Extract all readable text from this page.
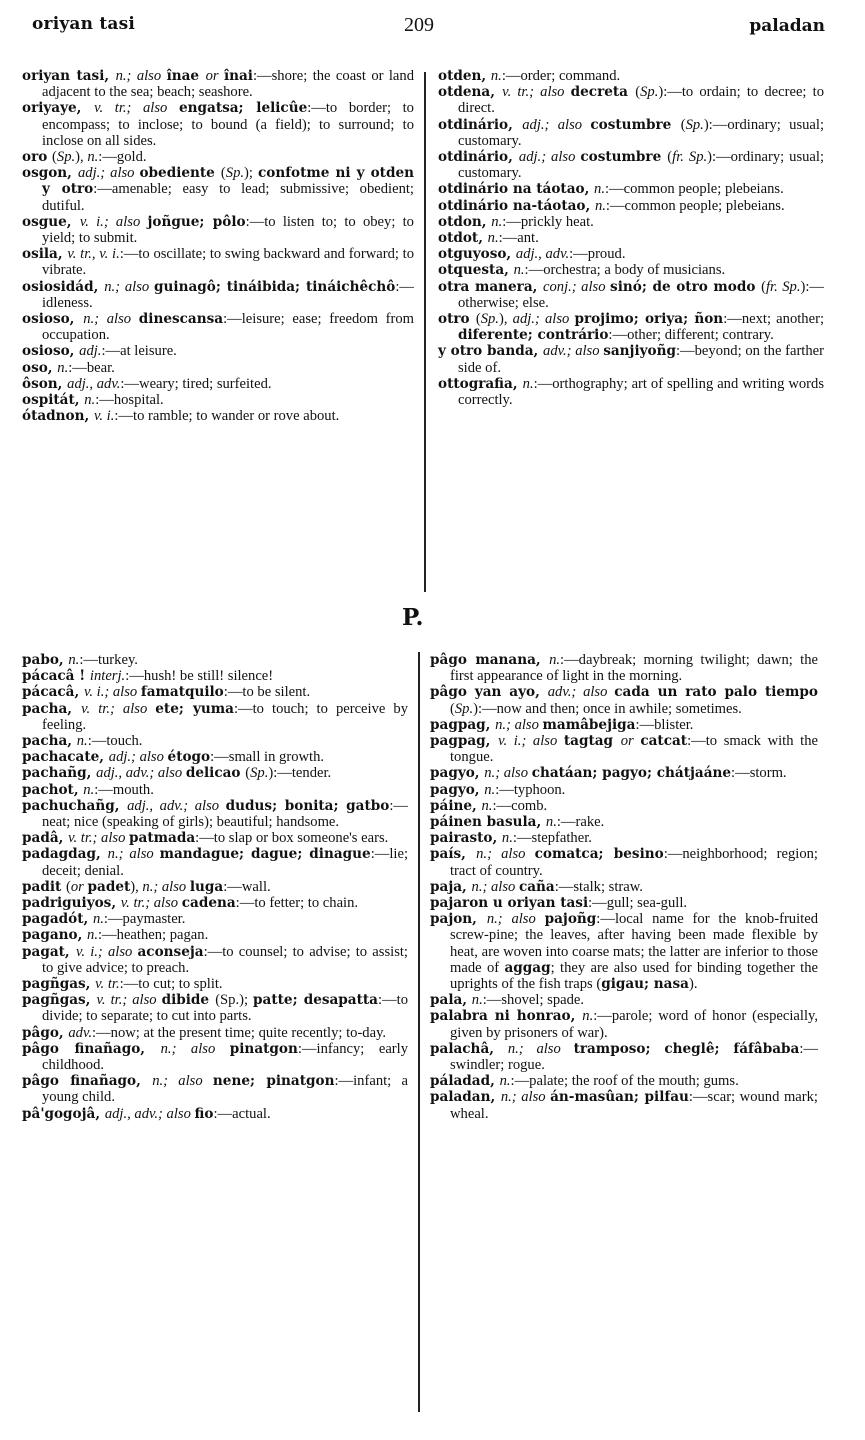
oriyan tasi	209	paladan

oriyan tasi, n.; also înae or înai:—shore; the coast or land adjacent to the sea; beach; seashore.

oriyaye, v. tr.; also engatsa; lelicûe:—to border; to encompass; to inclose; to bound (a field); to surround; to inclose on all sides.

oro (Sp.), n.:—gold.

osgon, adj.; also obediente (Sp.); confotme ni y otden y otro:—amenable; easy to lead; submissive; obedient; dutiful.

osgue, v. i.; also joñgue; pôlo:—to listen to; to obey; to yield; to submit.

osila, v. tr., v. i.:—to oscillate; to swing backward and forward; to vibrate.

osiosidád, n.; also guinagô; tináibida; tináichêchô:—idleness.

osioso, n.; also dinescansa:—leisure; ease; freedom from occupation.

osioso, adj.:—at leisure.

oso, n.:—bear.

ôson, adj., adv.:—weary; tired; surfeited.

ospitát, n.:—hospital.

ótadnon, v. i.:—to ramble; to wander or rove about.

otden, n.:—order; command.

otdena, v. tr.; also decreta (Sp.):—to ordain; to decree; to direct.

otdinário, adj.; also costumbre (Sp.):—ordinary; usual; customary.

otdinário, adj.; also costumbre (fr. Sp.):—ordinary; usual; customary.

otdinário na táotao, n.:—common people; plebeians.

otdinário na-táotao, n.:—common people; plebeians.

otdon, n.:—prickly heat.

otdot, n.:—ant.

otguyoso, adj., adv.:—proud.

otquesta, n.:—orchestra; a body of musicians.

otra manera, conj.; also sinó; de otro modo (fr. Sp.):—otherwise; else.

otro (Sp.), adj.; also projimo; oriya; ñon:—next; another; diferente; contrário:—other; different; contrary.

y otro banda, adv.; also sanjiyoñg:—beyond; on the farther side of.

ottografia, n.:—orthography; art of spelling and writing words correctly.

P.

pabo, n.:—turkey.

pácacâ ! interj.:—hush! be still! silence!

pácacâ, v. i.; also famatquilo:—to be silent.

pacha, v. tr.; also ete; yuma:—to touch; to perceive by feeling.

pacha, n.:—touch.

pachacate, adj.; also étogo:—small in growth.

pachañg, adj., adv.; also delicao (Sp.):—tender.

pachot, n.:—mouth.

pachuchañg, adj., adv.; also dudus; bonita; gatbo:—neat; nice (speaking of girls); beautiful; handsome.

padâ, v. tr.; also patmada:—to slap or box someone's ears.

padagdag, n.; also mandague; dague; dinague:—lie; deceit; denial.

padit (or padet), n.; also luga:—wall.

padriguiyos, v. tr.; also cadena:—to fetter; to chain.

pagadót, n.:—paymaster.

pagano, n.:—heathen; pagan.

pagat, v. i.; also aconseja:—to counsel; to advise; to assist; to give advice; to preach.

pagñgas, v. tr.:—to cut; to split.

pagñgas, v. tr.; also dibide (Sp.); patte; desapatta:—to divide; to separate; to cut into parts.

pâgo, adv.:—now; at the present time; quite recently; to-day.

pâgo finañago, n.; also pinatgon:—infancy; early childhood.

pâgo finañago, n.; also nene; pinatgon:—infant; a young child.

pâ'gogojâ, adj., adv.; also fio:—actual.

pâgo manana, n.:—daybreak; morning twilight; dawn; the first appearance of light in the morning.

pâgo yan ayo, adv.; also cada un rato palo tiempo (Sp.):—now and then; once in awhile; sometimes.

pagpag, n.; also mamâbejiga:—blister.

pagpag, v. i.; also tagtag or catcat:—to smack with the tongue.

pagyo, n.; also chatáan; pagyo; chátjaáne:—storm.

pagyo, n.:—typhoon.

páine, n.:—comb.

páinen basula, n.:—rake.

pairasto, n.:—stepfather.

país, n.; also comatca; besino:—neighborhood; region; tract of country.

paja, n.; also caña:—stalk; straw.

pajaron u oriyan tasi:—gull; sea-gull.

pajon, n.; also pajoñg:—local name for the knob-fruited screw-pine; the leaves, after having been made flexible by heat, are woven into coarse mats; the latter are inferior to those made of aggag; they are also used for binding together the uprights of the fish traps (gigau; nasa).

pala, n.:—shovel; spade.

palabra ni honrao, n.:—parole; word of honor (especially, given by prisoners of war).

palachâ, n.; also tramposo; cheglê; fáfâbaba:—swindler; rogue.

páladad, n.:—palate; the roof of the mouth; gums.

paladan, n.; also án-masûan; pilfau:—scar; wound mark; wheal.
